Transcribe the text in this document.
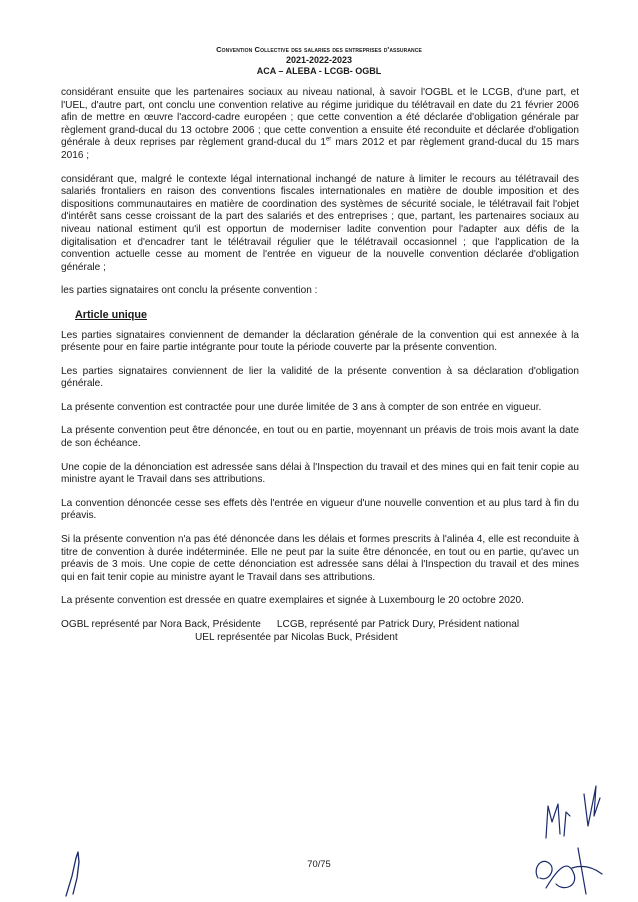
Convention Collective des salaries des entreprises d'assurance
2021-2022-2023
ACA – ALEBA - LCGB- OGBL

considérant ensuite que les partenaires sociaux au niveau national, à savoir l'OGBL et le LCGB, d'une part, et l'UEL, d'autre part, ont conclu une convention relative au régime juridique du télétravail en date du 21 février 2006 afin de mettre en œuvre l'accord-cadre européen ; que cette convention a été déclarée d'obligation générale par règlement grand-ducal du 13 octobre 2006 ; que cette convention a ensuite été reconduite et déclarée d'obligation générale à deux reprises par règlement grand-ducal du 1er mars 2012 et par règlement grand-ducal du 15 mars 2016 ;

considérant que, malgré le contexte légal international inchangé de nature à limiter le recours au télétravail des salariés frontaliers en raison des conventions fiscales internationales en matière de double imposition et des dispositions communautaires en matière de coordination des systèmes de sécurité sociale, le télétravail fait l'objet d'intérêt sans cesse croissant de la part des salariés et des entreprises ; que, partant, les partenaires sociaux au niveau national estiment qu'il est opportun de moderniser ladite convention pour l'adapter aux défis de la digitalisation et d'encadrer tant le télétravail régulier que le télétravail occasionnel ; que l'application de la convention actuelle cesse au moment de l'entrée en vigueur de la nouvelle convention déclarée d'obligation générale ;

les parties signataires ont conclu la présente convention :

Article unique

Les parties signataires conviennent de demander la déclaration générale de la convention qui est annexée à la présente pour en faire partie intégrante pour toute la période couverte par la présente convention.

Les parties signataires conviennent de lier la validité de la présente convention à sa déclaration d'obligation générale.

La présente convention est contractée pour une durée limitée de 3 ans à compter de son entrée en vigueur.

La présente convention peut être dénoncée, en tout ou en partie, moyennant un préavis de trois mois avant la date de son échéance.

Une copie de la dénonciation est adressée sans délai à l'Inspection du travail et des mines qui en fait tenir copie au ministre ayant le Travail dans ses attributions.

La convention dénoncée cesse ses effets dès l'entrée en vigueur d'une nouvelle convention et au plus tard à fin du préavis.

Si la présente convention n'a pas été dénoncée dans les délais et formes prescrits à l'alinéa 4, elle est reconduite à titre de convention à durée indéterminée. Elle ne peut par la suite être dénoncée, en tout ou en partie, qu'avec un préavis de 3 mois. Une copie de cette dénonciation est adressée sans délai à l'Inspection du travail et des mines qui en fait tenir copie au ministre ayant le Travail dans ses attributions.

La présente convention est dressée en quatre exemplaires et signée à Luxembourg le 20 octobre 2020.

OGBL représenté par Nora Back, Présidente LCGB, représenté par Patrick Dury, Président national
UEL représentée par Nicolas Buck, Président
70/75
